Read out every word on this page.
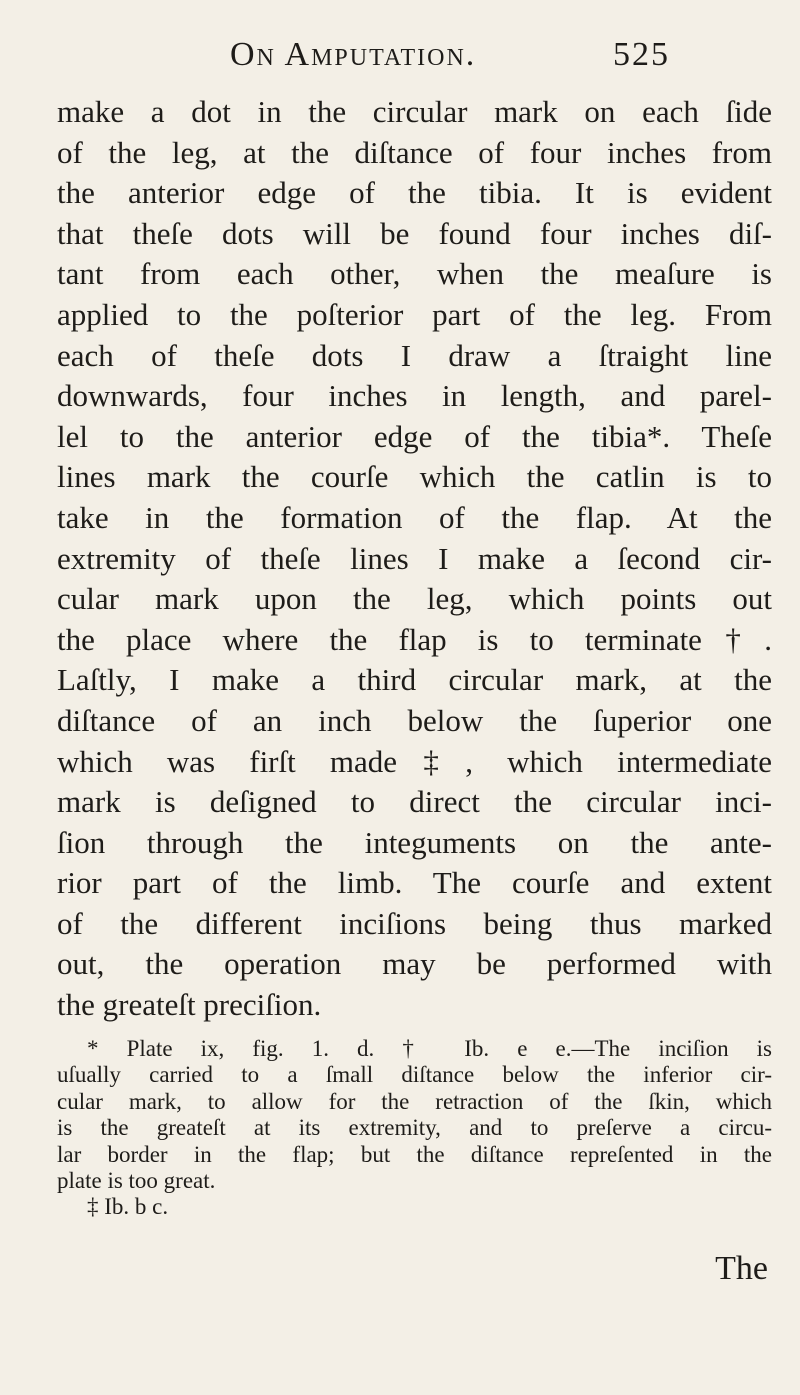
On Amputation.	525
make a dot in the circular mark on each ſide
of the leg, at the diſtance of four inches from
the anterior edge of the tibia. It is evident
that theſe dots will be found four inches diſ-
tant from each other, when the meaſure is
applied to the poſterior part of the leg. From
each of theſe dots I draw a ſtraight line
downwards, four inches in length, and parel-
lel to the anterior edge of the tibia*. Theſe
lines mark the courſe which the catlin is to
take in the formation of the flap. At the
extremity of theſe lines I make a ſecond cir-
cular mark upon the leg, which points out
the place where the flap is to terminate†.
Laſtly, I make a third circular mark, at the
diſtance of an inch below the ſuperior one
which was firſt made‡, which intermediate
mark is deſigned to direct the circular inci-
ſion through the integuments on the ante-
rior part of the limb. The courſe and extent
of the different inciſions being thus marked
out, the operation may be performed with
the greateſt preciſion.
* Plate ix, fig. 1. d. † Ib. e e.—The inciſion is
uſually carried to a ſmall diſtance below the inferior cir-
cular mark, to allow for the retraction of the ſkin, which
is the greateſt at its extremity, and to preſerve a circu-
lar border in the flap; but the diſtance repreſented in the
plate is too great.
‡ Ib. b c.
The
